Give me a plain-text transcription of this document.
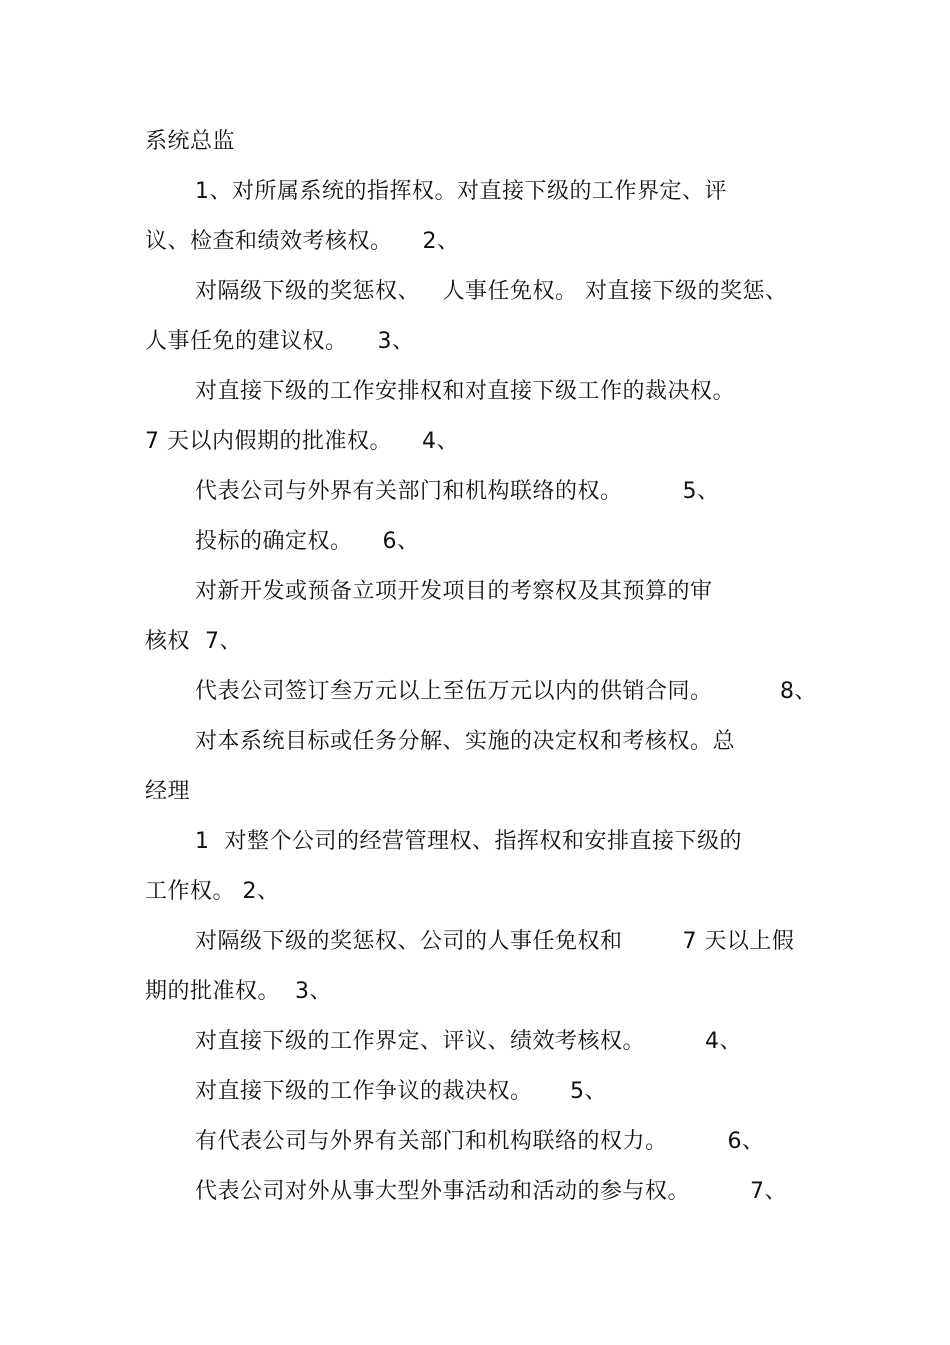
系统总监
1、对所属系统的指挥权。对直接下级的工作界定、评
议、检查和绩效考核权。    2、
对隔级下级的奖惩权、   人事任免权。 对直接下级的奖惩、
人事任免的建议权。    3、
对直接下级的工作安排权和对直接下级工作的裁决权。
7 天以内假期的批准权。    4、
代表公司与外界有关部门和机构联络的权。        5、
投标的确定权。    6、
对新开发或预备立项开发项目的考察权及其预算的审
核权  7、
代表公司签订叁万元以上至伍万元以内的供销合同。         8、
对本系统目标或任务分解、实施的决定权和考核权。总
经理
1  对整个公司的经营管理权、指挥权和安排直接下级的
工作权。 2、
对隔级下级的奖惩权、公司的人事任免权和        7 天以上假
期的批准权。  3、
对直接下级的工作界定、评议、绩效考核权。        4、
对直接下级的工作争议的裁决权。     5、
有代表公司与外界有关部门和机构联络的权力。        6、
代表公司对外从事大型外事活动和活动的参与权。        7、
